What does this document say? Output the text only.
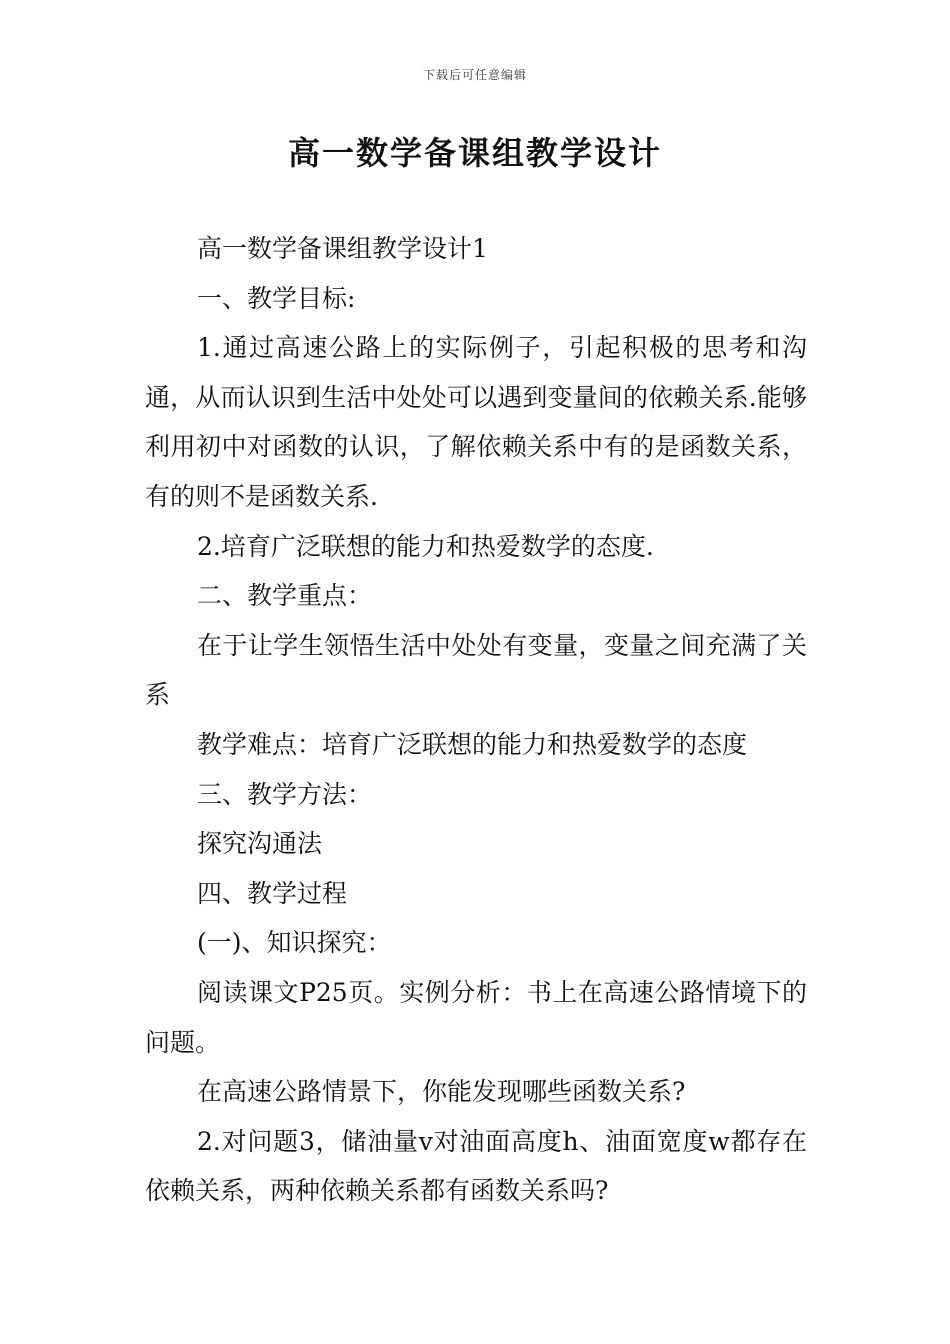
下载后可任意编辑
高一数学备课组教学设计

高一数学备课组教学设计1

一、教学目标:

1.通过高速公路上的实际例子，引起积极的思考和沟通，从而认识到生活中处处可以遇到变量间的依赖关系.能够利用初中对函数的认识，了解依赖关系中有的是函数关系，有的则不是函数关系.

2.培育广泛联想的能力和热爱数学的态度.

二、教学重点：

在于让学生领悟生活中处处有变量，变量之间充满了关系

教学难点：培育广泛联想的能力和热爱数学的态度

三、教学方法：

探究沟通法

四、教学过程

(一)、知识探究：

阅读课文P25页。实例分析：书上在高速公路情境下的问题。

在高速公路情景下，你能发现哪些函数关系?

2.对问题3，储油量v对油面高度h、油面宽度w都存在依赖关系，两种依赖关系都有函数关系吗?
